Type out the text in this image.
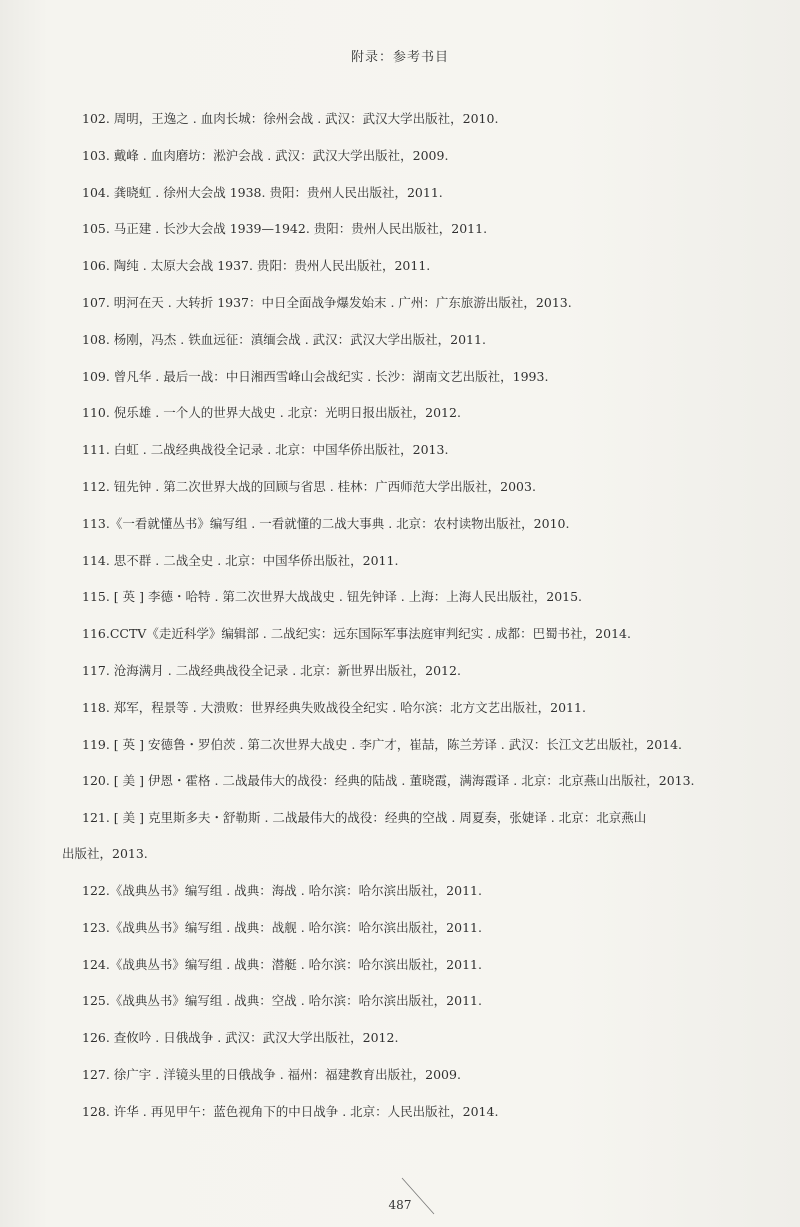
附录：参考书目
102. 周明，王逸之 . 血肉长城：徐州会战 . 武汉：武汉大学出版社，2010.
103. 戴峰 . 血肉磨坊：淞沪会战 . 武汉：武汉大学出版社，2009.
104. 龚晓虹 . 徐州大会战 1938. 贵阳：贵州人民出版社，2011.
105. 马正建 . 长沙大会战 1939—1942. 贵阳：贵州人民出版社，2011.
106. 陶纯 . 太原大会战 1937. 贵阳：贵州人民出版社，2011.
107. 明河在天 . 大转折 1937：中日全面战争爆发始末 . 广州：广东旅游出版社，2013.
108. 杨刚，冯杰 . 铁血远征：滇缅会战 . 武汉：武汉大学出版社，2011.
109. 曾凡华 . 最后一战：中日湘西雪峰山会战纪实 . 长沙：湖南文艺出版社，1993.
110. 倪乐雄 . 一个人的世界大战史 . 北京：光明日报出版社，2012.
111. 白虹 . 二战经典战役全记录 . 北京：中国华侨出版社，2013.
112. 钮先钟 . 第二次世界大战的回顾与省思 . 桂林：广西师范大学出版社，2003.
113.《一看就懂丛书》编写组 . 一看就懂的二战大事典 . 北京：农村读物出版社，2010.
114. 思不群 . 二战全史 . 北京：中国华侨出版社，2011.
115. [ 英 ] 李德・哈特 . 第二次世界大战战史 . 钮先钟译 . 上海：上海人民出版社，2015.
116.CCTV《走近科学》编辑部 . 二战纪实：远东国际军事法庭审判纪实 . 成都：巴蜀书社，2014.
117. 沧海满月 . 二战经典战役全记录 . 北京：新世界出版社，2012.
118. 郑军，程景等 . 大溃败：世界经典失败战役全纪实 . 哈尔滨：北方文艺出版社，2011.
119. [ 英 ] 安德鲁・罗伯茨 . 第二次世界大战史 . 李广才，崔喆，陈兰芳译 . 武汉：长江文艺出版社，2014.
120. [ 美 ] 伊恩・霍格 . 二战最伟大的战役：经典的陆战 . 董晓霞，满海霞译 . 北京：北京燕山出版社，2013.
121. [ 美 ] 克里斯多夫・舒勒斯 . 二战最伟大的战役：经典的空战 . 周夏奏，张婕译 . 北京：北京燕山
出版社，2013.
122.《战典丛书》编写组 . 战典：海战 . 哈尔滨：哈尔滨出版社，2011.
123.《战典丛书》编写组 . 战典：战舰 . 哈尔滨：哈尔滨出版社，2011.
124.《战典丛书》编写组 . 战典：潜艇 . 哈尔滨：哈尔滨出版社，2011.
125.《战典丛书》编写组 . 战典：空战 . 哈尔滨：哈尔滨出版社，2011.
126. 查攸吟 . 日俄战争 . 武汉：武汉大学出版社，2012.
127. 徐广宇 . 洋镜头里的日俄战争 . 福州：福建教育出版社，2009.
128. 许华 . 再见甲午：蓝色视角下的中日战争 . 北京：人民出版社，2014.
487
